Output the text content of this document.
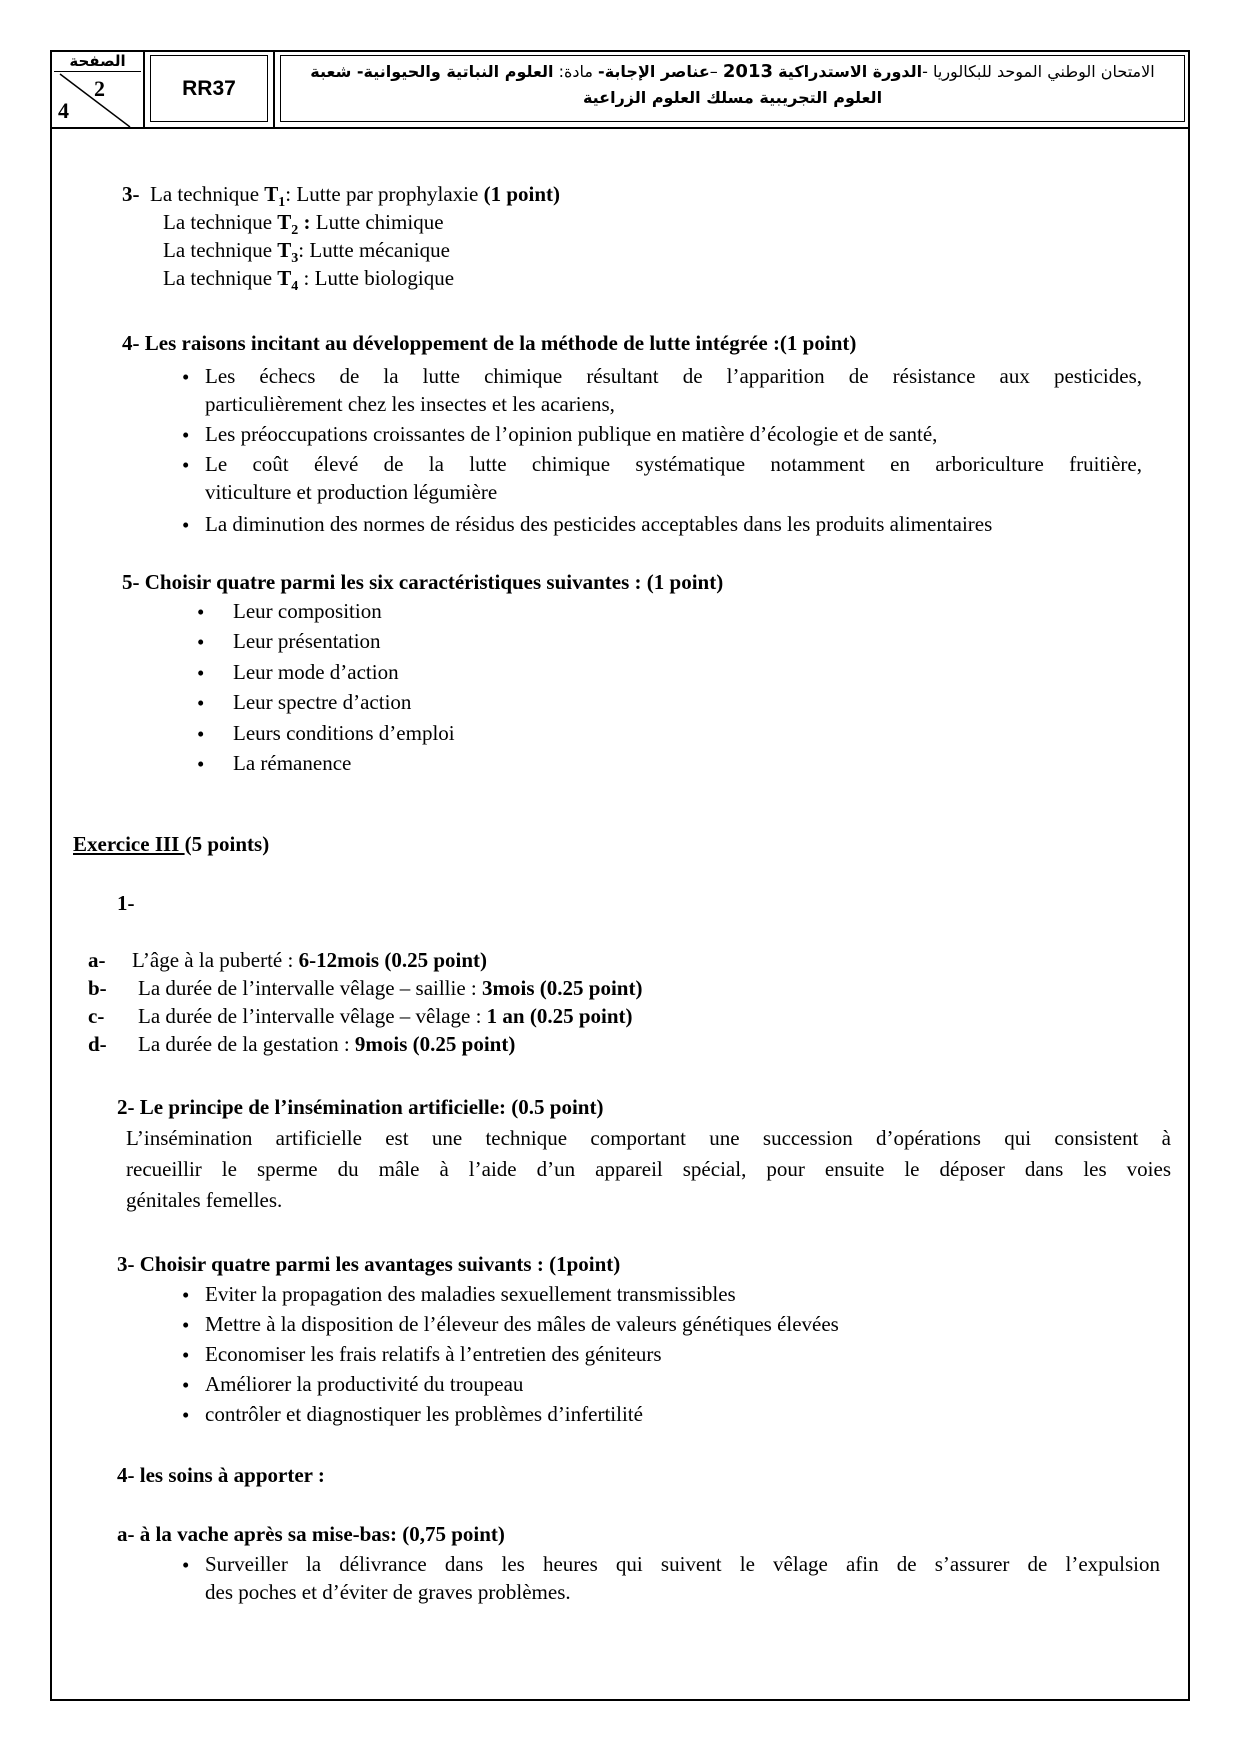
الصفحة
2
4
RR37
الامتحان الوطني الموحد للبكالوريا -الدورة الاستدراكية 2013 –عناصر الإجابة- مادة: العلوم النباتية والحيوانية- شعبة
العلوم التجريبية مسلك العلوم الزراعية
3- La technique $T_1$: Lutte par prophylaxie (1 point)
La technique $T_2$ : Lutte chimique
La technique $T_3$: Lutte mécanique
La technique $T_4$ : Lutte biologique
4- Les raisons incitant au développement de la méthode de lutte intégrée :(1 point)
• Les échecs de la lutte chimique résultant de l’apparition de résistance aux pesticides,
particulièrement chez les insectes et les acariens,
• Les préoccupations croissantes de l’opinion publique en matière d’écologie et de santé,
• Le coût élevé de la lutte chimique systématique notamment en arboriculture fruitière,
viticulture et production légumière
• La diminution des normes de résidus des pesticides acceptables dans les produits alimentaires
5- Choisir quatre parmi les six caractéristiques suivantes : (1 point)
• Leur composition
• Leur présentation
• Leur mode d’action
• Leur spectre d’action
• Leurs conditions d’emploi
• La rémanence
Exercice III (5 points)
1-
a- L’âge à la puberté : 6-12mois (0.25 point)
b- La durée de l’intervalle vêlage – saillie : 3mois (0.25 point)
c- La durée de l’intervalle vêlage – vêlage : 1 an (0.25 point)
d- La durée de la gestation : 9mois (0.25 point)
2- Le principe de l’insémination artificielle: (0.5 point)
L’insémination artificielle est une technique comportant une succession d’opérations qui consistent à
recueillir le sperme du mâle à l’aide d’un appareil spécial, pour ensuite le déposer dans les voies
génitales femelles.
3- Choisir quatre parmi les avantages suivants : (1point)
• Eviter la propagation des maladies sexuellement transmissibles
• Mettre à la disposition de l’éleveur des mâles de valeurs génétiques élevées
• Economiser les frais relatifs à l’entretien des géniteurs
• Améliorer la productivité du troupeau
• contrôler et diagnostiquer les problèmes d’infertilité
4- les soins à apporter :
a- à la vache après sa mise-bas: (0,75 point)
• Surveiller la délivrance dans les heures qui suivent le vêlage afin de s’assurer de l’expulsion
des poches et d’éviter de graves problèmes.
